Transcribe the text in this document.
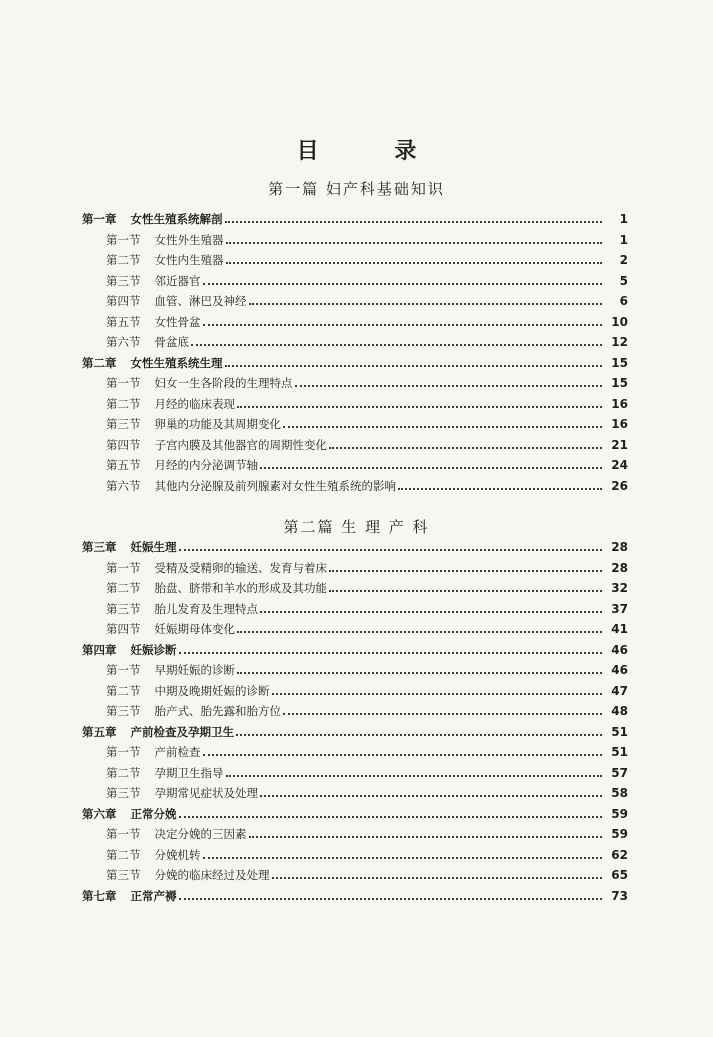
目 录
第一篇 妇产科基础知识
第二篇 生 理 产 科
第一章 女性生殖系统解剖	1
第一节 女性外生殖器	1
第二节 女性内生殖器	2
第三节 邻近器官	5
第四节 血管、淋巴及神经	6
第五节 女性骨盆	10
第六节 骨盆底	12
第二章 女性生殖系统生理	15
第一节 妇女一生各阶段的生理特点	15
第二节 月经的临床表现	16
第三节 卵巢的功能及其周期变化	16
第四节 子宫内膜及其他器官的周期性变化	21
第五节 月经的内分泌调节轴	24
第六节 其他内分泌腺及前列腺素对女性生殖系统的影响	26
第三章 妊娠生理	28
第一节 受精及受精卵的输送、发育与着床	28
第二节 胎盘、脐带和羊水的形成及其功能	32
第三节 胎儿发育及生理特点	37
第四节 妊娠期母体变化	41
第四章 妊娠诊断	46
第一节 早期妊娠的诊断	46
第二节 中期及晚期妊娠的诊断	47
第三节 胎产式、胎先露和胎方位	48
第五章 产前检查及孕期卫生	51
第一节 产前检查	51
第二节 孕期卫生指导	57
第三节 孕期常见症状及处理	58
第六章 正常分娩	59
第一节 决定分娩的三因素	59
第二节 分娩机转	62
第三节 分娩的临床经过及处理	65
第七章 正常产褥	73
